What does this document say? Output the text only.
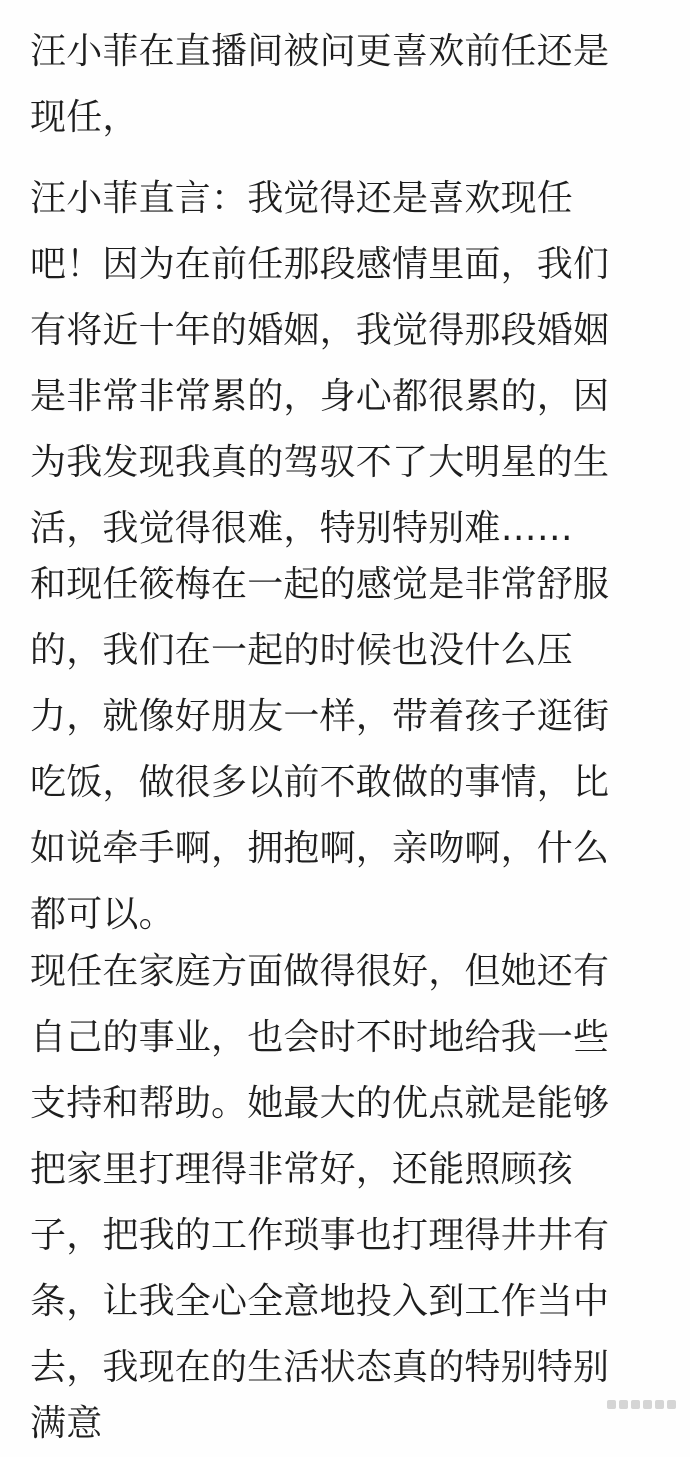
汪小菲在直播间被问更喜欢前任还是
现任，
汪小菲直言：我觉得还是喜欢现任
吧！因为在前任那段感情里面，我们
有将近十年的婚姻，我觉得那段婚姻
是非常非常累的，身心都很累的，因
为我发现我真的驾驭不了大明星的生
活，我觉得很难，特别特别难……
和现任筱梅在一起的感觉是非常舒服
的，我们在一起的时候也没什么压
力，就像好朋友一样，带着孩子逛街
吃饭，做很多以前不敢做的事情，比
如说牵手啊，拥抱啊，亲吻啊，什么
都可以。
现任在家庭方面做得很好，但她还有
自己的事业，也会时不时地给我一些
支持和帮助。她最大的优点就是能够
把家里打理得非常好，还能照顾孩
子，把我的工作琐事也打理得井井有
条，让我全心全意地投入到工作当中
去，我现在的生活状态真的特别特别
满意
